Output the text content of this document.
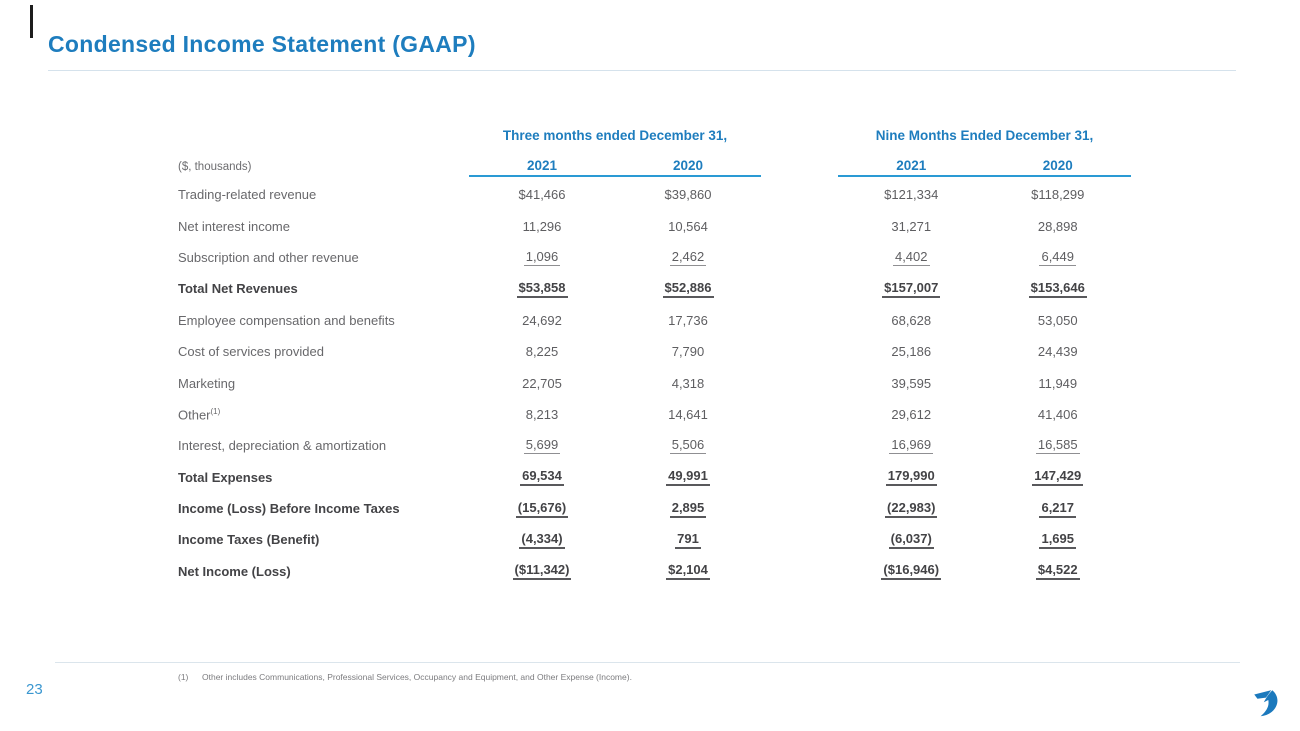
Condensed Income Statement (GAAP)
Three months ended December 31,	Nine Months Ended December 31,
($, thousands)	2021	2020	2021	2020
Trading-related revenue	$41,466	$39,860	$121,334	$118,299
Net interest income	11,296	10,564	31,271	28,898
Subscription and other revenue	1,096	2,462	4,402	6,449
Total Net Revenues	$53,858	$52,886	$157,007	$153,646
Employee compensation and benefits	24,692	17,736	68,628	53,050
Cost of services provided	8,225	7,790	25,186	24,439
Marketing	22,705	4,318	39,595	11,949
Other$^{(1)}$	8,213	14,641	29,612	41,406
Interest, depreciation & amortization	5,699	5,506	16,969	16,585
Total Expenses	69,534	49,991	179,990	147,429
Income (Loss) Before Income Taxes	(15,676)	2,895	(22,983)	6,217
Income Taxes (Benefit)	(4,334)	791	(6,037)	1,695
Net Income (Loss)	($11,342)	$2,104	($16,946)	$4,522
(1)	Other includes Communications, Professional Services, Occupancy and Equipment, and Other Expense (Income).
23
